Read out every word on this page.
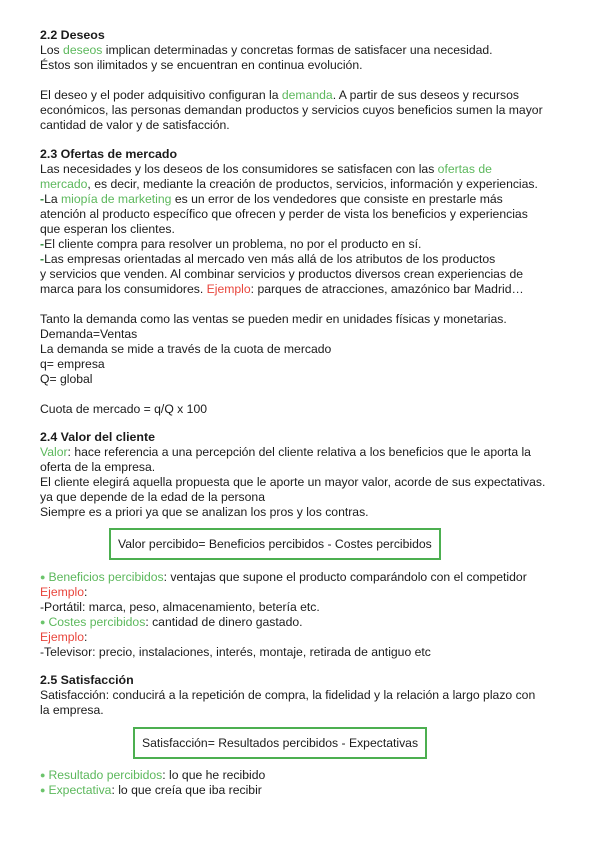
2.2 Deseos

Los deseos implican determinadas y concretas formas de satisfacer una necesidad.
Éstos son ilimitados y se encuentran en continua evolución.

El deseo y el poder adquisitivo configuran la demanda. A partir de sus deseos y recursos
económicos, las personas demandan productos y servicios cuyos beneficios sumen la mayor
cantidad de valor y de satisfacción.

2.3 Ofertas de mercado

Las necesidades y los deseos de los consumidores se satisfacen con las ofertas de
mercado, es decir, mediante la creación de productos, servicios, información y experiencias.

-La miopía de marketing es un error de los vendedores que consiste en prestarle más
atención al producto específico que ofrecen y perder de vista los beneficios y experiencias
que esperan los clientes.

-El cliente compra para resolver un problema, no por el producto en sí.

-Las empresas orientadas al mercado ven más allá de los atributos de los productos
y servicios que venden. Al combinar servicios y productos diversos crean experiencias de
marca para los consumidores. Ejemplo: parques de atracciones, amazónico bar Madrid…

Tanto la demanda como las ventas se pueden medir en unidades físicas y monetarias.
Demanda=Ventas
La demanda se mide a través de la cuota de mercado
q= empresa
Q= global

Cuota de mercado = q/Q x 100

2.4 Valor del cliente

Valor: hace referencia a una percepción del cliente relativa a los beneficios que le aporta la
oferta de la empresa.
El cliente elegirá aquella propuesta que le aporte un mayor valor, acorde de sus expectativas.
ya que depende de la edad de la persona
Siempre es a priori ya que se analizan los pros y los contras.

Valor percibido= Beneficios percibidos - Costes percibidos

● Beneficios percibidos: ventajas que supone el producto comparándolo con el competidor
Ejemplo:
-Portátil: marca, peso, almacenamiento, betería etc.

● Costes percibidos: cantidad de dinero gastado.
Ejemplo:
-Televisor: precio, instalaciones, interés, montaje, retirada de antiguo etc

2.5 Satisfacción

Satisfacción: conducirá a la repetición de compra, la fidelidad y la relación a largo plazo con
la empresa.

Satisfacción= Resultados percibidos - Expectativas

● Resultado percibidos: lo que he recibido

● Expectativa: lo que creía que iba recibir
